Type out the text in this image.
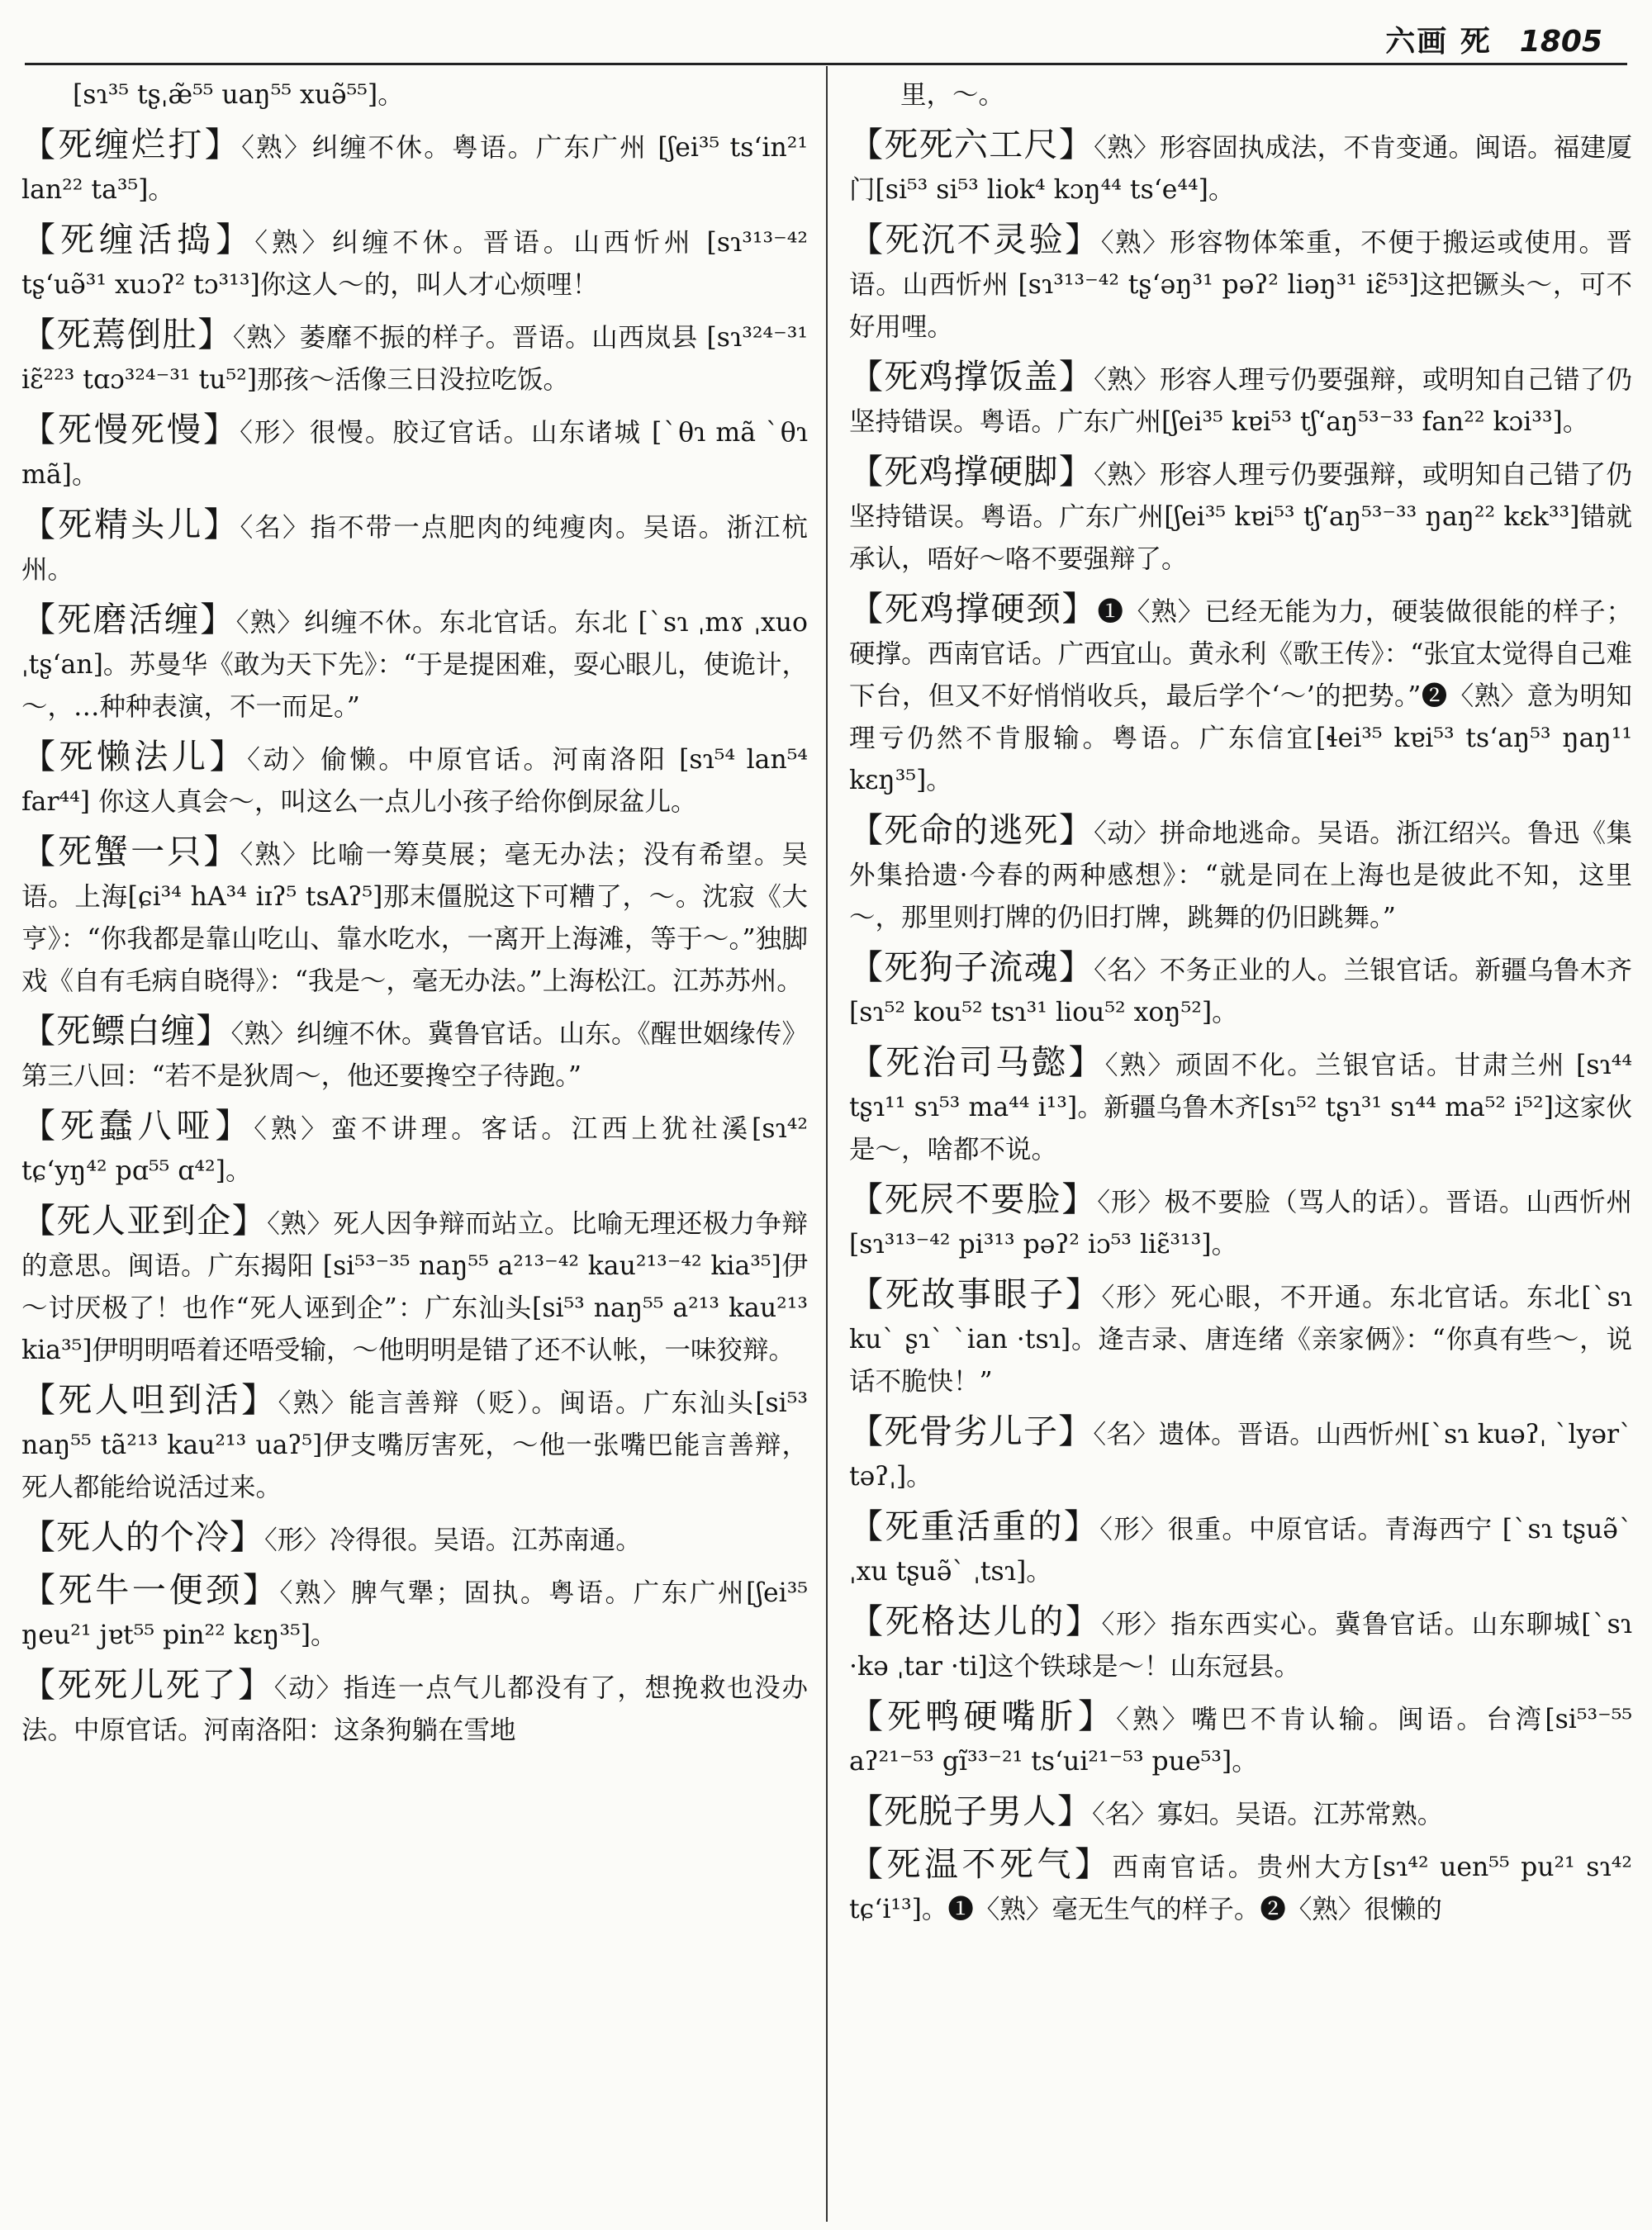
六画 死 1805

[sɿ³⁵ tʂˌæ̃⁵⁵ uaŋ⁵⁵ xuə̃⁵⁵]。

【死缠烂打】〈熟〉纠缠不休。粤语。广东广州 [ʃei³⁵ tsʻin²¹ lan²² ta³⁵]。

【死缠活捣】〈熟〉纠缠不休。晋语。山西忻州 [sɿ³¹³⁻⁴² tʂʻuə̃³¹ xuɔʔ² tɔ³¹³]你这人～的，叫人才心烦哩！

【死蔫倒肚】〈熟〉萎靡不振的样子。晋语。山西岚县 [sɿ³²⁴⁻³¹ iɛ̃²²³ tɑɔ³²⁴⁻³¹ tu⁵²]那孩～活像三日没拉吃饭。

【死慢死慢】〈形〉很慢。胶辽官话。山东诸城 [ˋθɿ mã ˋθɿ mã]。

【死精头儿】〈名〉指不带一点肥肉的纯瘦肉。吴语。浙江杭州。

【死磨活缠】〈熟〉纠缠不休。东北官话。东北 [ˋsɿ ˌmɤ ˌxuo ˌtʂʻan]。苏曼华《敢为天下先》：“于是提困难，耍心眼儿，使诡计，～，…种种表演，不一而足。”

【死懒法儿】〈动〉偷懒。中原官话。河南洛阳 [sɿ⁵⁴ lan⁵⁴ far⁴⁴] 你这人真会～，叫这么一点儿小孩子给你倒尿盆儿。

【死蟹一只】〈熟〉比喻一筹莫展；毫无办法；没有希望。吴语。上海[ɕi³⁴ hA³⁴ iɪʔ⁵ tsAʔ⁵]那末僵脱这下可糟了，～。沈寂《大亨》：“你我都是靠山吃山、靠水吃水，一离开上海滩，等于～。”独脚戏《自有毛病自晓得》：“我是～，毫无办法。”上海松江。江苏苏州。

【死鳔白缠】〈熟〉纠缠不休。冀鲁官话。山东。《醒世姻缘传》第三八回：“若不是狄周～，他还要搀空子待跑。”

【死蠢八哑】〈熟〉蛮不讲理。客话。江西上犹社溪[sɿ⁴² tɕʻyŋ⁴² pɑ⁵⁵ ɑ⁴²]。

【死人亚到企】〈熟〉死人因争辩而站立。比喻无理还极力争辩的意思。闽语。广东揭阳 [si⁵³⁻³⁵ naŋ⁵⁵ a²¹³⁻⁴² kau²¹³⁻⁴² kia³⁵]伊～讨厌极了！也作“死人诬到企”：广东汕头[si⁵³ naŋ⁵⁵ a²¹³ kau²¹³ kia³⁵]伊明明唔着还唔受输，～他明明是错了还不认帐，一味狡辩。

【死人呾到活】〈熟〉能言善辩（贬）。闽语。广东汕头[si⁵³ naŋ⁵⁵ tã²¹³ kau²¹³ uaʔ⁵]伊支嘴厉害死，～他一张嘴巴能言善辩，死人都能给说活过来。

【死人的个冷】〈形〉冷得很。吴语。江苏南通。

【死牛一便颈】〈熟〉脾气犟；固执。粤语。广东广州[ʃei³⁵ ŋeu²¹ jɐt⁵⁵ pin²² kɛŋ³⁵]。

【死死儿死了】〈动〉指连一点气儿都没有了，想挽救也没办法。中原官话。河南洛阳：这条狗躺在雪地

里，～。

【死死六工尺】〈熟〉形容固执成法，不肯变通。闽语。福建厦门[si⁵³ si⁵³ liok⁴ kɔŋ⁴⁴ tsʻe⁴⁴]。

【死沉不灵验】〈熟〉形容物体笨重，不便于搬运或使用。晋语。山西忻州 [sɿ³¹³⁻⁴² tʂʻəŋ³¹ pəʔ² liəŋ³¹ iɛ̃⁵³]这把镢头～，可不好用哩。

【死鸡撑饭盖】〈熟〉形容人理亏仍要强辩，或明知自己错了仍坚持错误。粤语。广东广州[ʃei³⁵ kɐi⁵³ tʃʻaŋ⁵³⁻³³ fan²² kɔi³³]。

【死鸡撑硬脚】〈熟〉形容人理亏仍要强辩，或明知自己错了仍坚持错误。粤语。广东广州[ʃei³⁵ kɐi⁵³ tʃʻaŋ⁵³⁻³³ ŋaŋ²² kɛk³³]错就承认，唔好～咯不要强辩了。

【死鸡撑硬颈】❶〈熟〉已经无能为力，硬装做很能的样子；硬撑。西南官话。广西宜山。黄永利《歌王传》：“张宜太觉得自己难下台，但又不好悄悄收兵，最后学个‘～’的把势。”❷〈熟〉意为明知理亏仍然不肯服输。粤语。广东信宜[ɬei³⁵ kɐi⁵³ tsʻaŋ⁵³ ŋaŋ¹¹ kɛŋ³⁵]。

【死命的逃死】〈动〉拼命地逃命。吴语。浙江绍兴。鲁迅《集外集拾遗·今春的两种感想》：“就是同在上海也是彼此不知，这里～，那里则打牌的仍旧打牌，跳舞的仍旧跳舞。”

【死狗子流魂】〈名〉不务正业的人。兰银官话。新疆乌鲁木齐[sɿ⁵² kou⁵² tsɿ³¹ liou⁵² xoŋ⁵²]。

【死治司马懿】〈熟〉顽固不化。兰银官话。甘肃兰州 [sɿ⁴⁴ tʂɿ¹¹ sɿ⁵³ ma⁴⁴ i¹³]。新疆乌鲁木齐[sɿ⁵² tʂɿ³¹ sɿ⁴⁴ ma⁵² i⁵²]这家伙是～，啥都不说。

【死屄不要脸】〈形〉极不要脸（骂人的话）。晋语。山西忻州[sɿ³¹³⁻⁴² pi³¹³ pəʔ² iɔ⁵³ liɛ̃³¹³]。

【死故事眼子】〈形〉死心眼，不开通。东北官话。东北[ˋsɿ kuˋ ʂɿˋ ˋian ·tsɿ]。逄吉录、唐连绪《亲家俩》：“你真有些～，说话不脆快！”

【死骨劣儿子】〈名〉遗体。晋语。山西忻州[ˋsɿ kuəʔˌ ˋlyərˋ təʔˌ]。

【死重活重的】〈形〉很重。中原官话。青海西宁 [ˋsɿ tʂuə̃ˋ ˌxu tʂuə̃ˋ ˌtsɿ]。

【死格达儿的】〈形〉指东西实心。冀鲁官话。山东聊城[ˋsɿ ·kə ˌtar ·ti]这个铁球是～！山东冠县。

【死鸭硬嘴肵】〈熟〉嘴巴不肯认输。闽语。台湾[si⁵³⁻⁵⁵ aʔ²¹⁻⁵³ gĩ³³⁻²¹ tsʻui²¹⁻⁵³ pue⁵³]。

【死脱子男人】〈名〉寡妇。吴语。江苏常熟。

【死温不死气】西南官话。贵州大方[sɿ⁴² uen⁵⁵ pu²¹ sɿ⁴² tɕʻi¹³]。❶〈熟〉毫无生气的样子。❷〈熟〉很懒的
